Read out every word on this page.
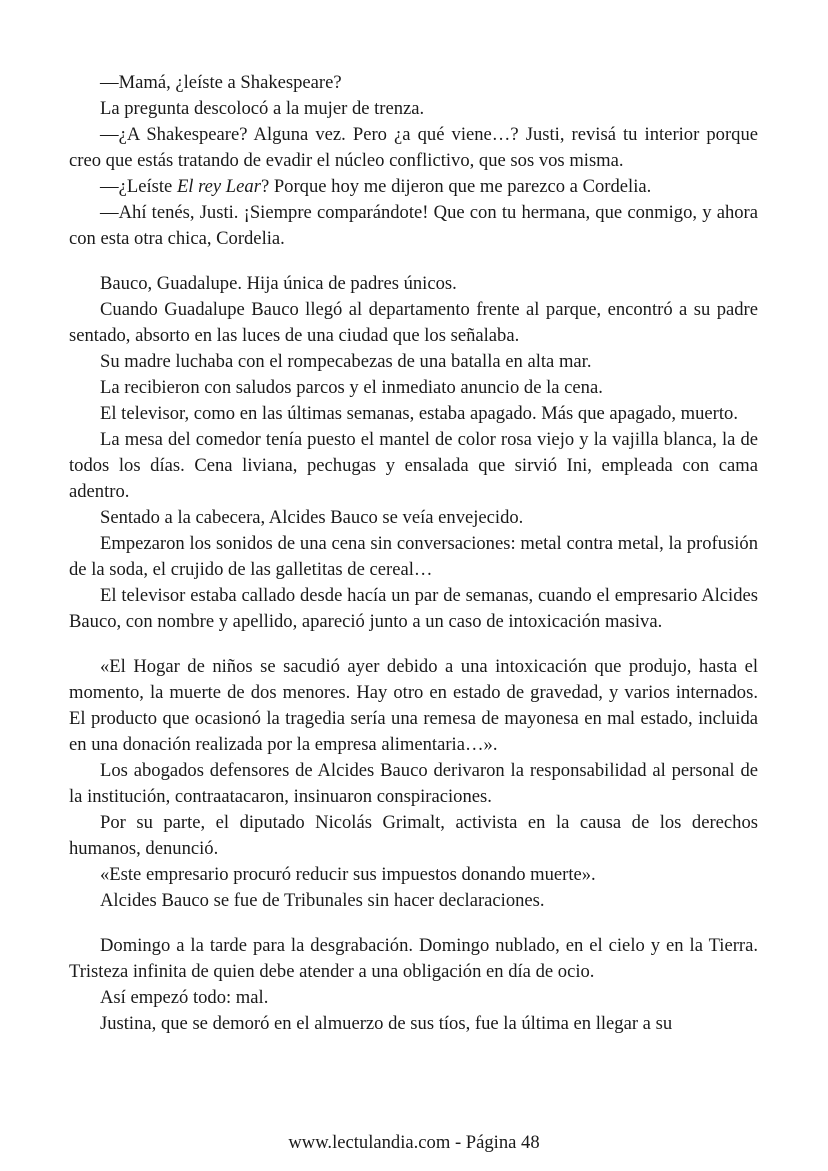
—Mamá, ¿leíste a Shakespeare?

La pregunta descolocó a la mujer de trenza.

—¿A Shakespeare? Alguna vez. Pero ¿a qué viene…? Justi, revisá tu interior porque creo que estás tratando de evadir el núcleo conflictivo, que sos vos misma.

—¿Leíste El rey Lear? Porque hoy me dijeron que me parezco a Cordelia.

—Ahí tenés, Justi. ¡Siempre comparándote! Que con tu hermana, que conmigo, y ahora con esta otra chica, Cordelia.

Bauco, Guadalupe. Hija única de padres únicos.

Cuando Guadalupe Bauco llegó al departamento frente al parque, encontró a su padre sentado, absorto en las luces de una ciudad que los señalaba.

Su madre luchaba con el rompecabezas de una batalla en alta mar.

La recibieron con saludos parcos y el inmediato anuncio de la cena.

El televisor, como en las últimas semanas, estaba apagado. Más que apagado, muerto.

La mesa del comedor tenía puesto el mantel de color rosa viejo y la vajilla blanca, la de todos los días. Cena liviana, pechugas y ensalada que sirvió Ini, empleada con cama adentro.

Sentado a la cabecera, Alcides Bauco se veía envejecido.

Empezaron los sonidos de una cena sin conversaciones: metal contra metal, la profusión de la soda, el crujido de las galletitas de cereal…

El televisor estaba callado desde hacía un par de semanas, cuando el empresario Alcides Bauco, con nombre y apellido, apareció junto a un caso de intoxicación masiva.

«El Hogar de niños se sacudió ayer debido a una intoxicación que produjo, hasta el momento, la muerte de dos menores. Hay otro en estado de gravedad, y varios internados. El producto que ocasionó la tragedia sería una remesa de mayonesa en mal estado, incluida en una donación realizada por la empresa alimentaria…».

Los abogados defensores de Alcides Bauco derivaron la responsabilidad al personal de la institución, contraatacaron, insinuaron conspiraciones.

Por su parte, el diputado Nicolás Grimalt, activista en la causa de los derechos humanos, denunció.

«Este empresario procuró reducir sus impuestos donando muerte».

Alcides Bauco se fue de Tribunales sin hacer declaraciones.

Domingo a la tarde para la desgrabación. Domingo nublado, en el cielo y en la Tierra. Tristeza infinita de quien debe atender a una obligación en día de ocio.

Así empezó todo: mal.

Justina, que se demoró en el almuerzo de sus tíos, fue la última en llegar a su

www.lectulandia.com - Página 48
